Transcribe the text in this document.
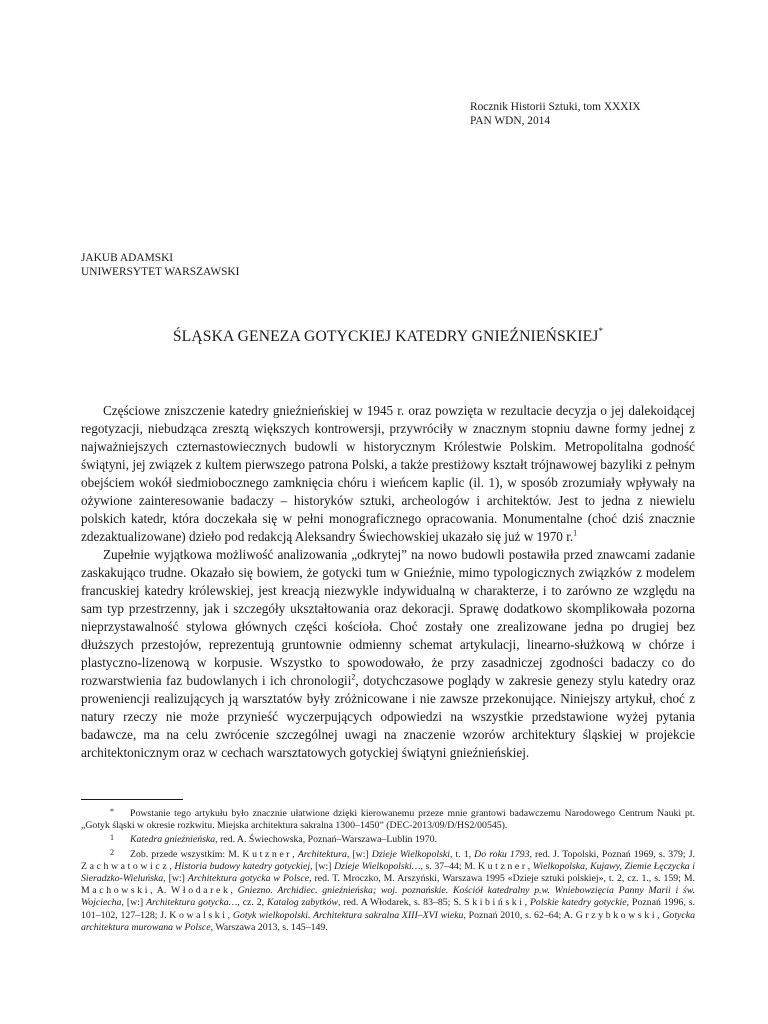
Rocznik Historii Sztuki, tom XXXIX
PAN WDN, 2014
JAKUB ADAMSKI
UNIWERSYTET WARSZAWSKI
ŚLĄSKA GENEZA GOTYCKIEJ KATEDRY GNIEŹNIEŃSKIEJ*

Częściowe zniszczenie katedry gnieźnieńskiej w 1945 r. oraz powzięta w rezultacie decyzja o jej dalekoidącej regotyzacji, niebudząca zresztą większych kontrowersji, przywróciły w znacznym stopniu dawne formy jednej z najważniejszych czternastowiecznych budowli w historycznym Królestwie Polskim. Metropolitalna godność świątyni, jej związek z kultem pierwszego patrona Polski, a także prestiżowy kształt trójnawowej bazyliki z pełnym obejściem wokół siedmiobocznego zamknięcia chóru i wieńcem kaplic (il. 1), w sposób zrozumiały wpływały na ożywione zainteresowanie badaczy – historyków sztuki, archeologów i architektów. Jest to jedna z niewielu polskich katedr, która doczekała się w pełni monograficznego opracowania. Monumentalne (choć dziś znacznie zdezaktualizowane) dzieło pod redakcją Aleksandry Świechowskiej ukazało się już w 1970 r.$^1$

Zupełnie wyjątkowa możliwość analizowania „odkrytej” na nowo budowli postawiła przed znawcami zadanie zaskakująco trudne. Okazało się bowiem, że gotycki tum w Gnieźnie, mimo typologicznych związków z modelem francuskiej katedry królewskiej, jest kreacją niezwykle indywidualną w charakterze, i to zarówno ze względu na sam typ przestrzenny, jak i szczegóły ukształtowania oraz dekoracji. Sprawę dodatkowo skomplikowała pozorna nieprzystawalność stylowa głównych części kościoła. Choć zostały one zrealizowane jedna po drugiej bez dłuższych przestojów, reprezentują gruntownie odmienny schemat artykulacji, linearno-służkową w chórze i plastyczno-lizenową w korpusie. Wszystko to spowodowało, że przy zasadniczej zgodności badaczy co do rozwarstwienia faz budowlanych i ich chronologii$^2$, dotychczasowe poglądy w zakresie genezy stylu katedry oraz proweniencji realizujących ją warsztatów były zróżnicowane i nie zawsze przekonujące. Niniejszy artykuł, choć z natury rzeczy nie może przynieść wyczerpujących odpowiedzi na wszystkie przedstawione wyżej pytania badawcze, ma na celu zwrócenie szczególnej uwagi na znaczenie wzorów architektury śląskiej w projekcie architektonicznym oraz w cechach warsztatowych gotyckiej świątyni gnieźnieńskiej.

* Powstanie tego artykułu było znacznie ułatwione dzięki kierowanemu przeze mnie grantowi badawczemu Narodowego Centrum Nauki pt. „Gotyk śląski w okresie rozkwitu. Miejska architektura sakralna 1300–1450” (DEC-2013/09/D/HS2/00545).

1 Katedra gnieźnieńska, red. A. Świechowska, Poznań–Warszawa–Lublin 1970.

2 Zob. przede wszystkim: M. Kutzner, Architektura, [w:] Dzieje Wielkopolski, t. 1, Do roku 1793, red. J. Topolski, Poznań 1969, s. 379; J. Zachwatowicz, Historia budowy katedry gotyckiej, [w:] Dzieje Wielkopolski…, s. 37–44; M. Kutzner, Wielkopolska, Kujawy, Ziemie Łęczycka i Sieradzko-Wieluńska, [w:] Architektura gotycka w Polsce, red. T. Mroczko, M. Arszyński, Warszawa 1995 «Dzieje sztuki polskiej», t. 2, cz. 1., s. 159; M. Machowski, A. Włodarek, Gniezno. Archidiec. gnieźnieńska; woj. poznańskie. Kościół katedralny p.w. Wniebowzięcia Panny Marii i św. Wojciecha, [w:] Architektura gotycka…, cz. 2, Katalog zabytków, red. A Włodarek, s. 83–85; S. Skibiński, Polskie katedry gotyckie, Poznań 1996, s. 101–102, 127–128; J. Kowalski, Gotyk wielkopolski. Architektura sakralna XIII–XVI wieku, Poznań 2010, s. 62–64; A. Grzybkowski, Gotycka architektura murowana w Polsce, Warszawa 2013, s. 145–149.
